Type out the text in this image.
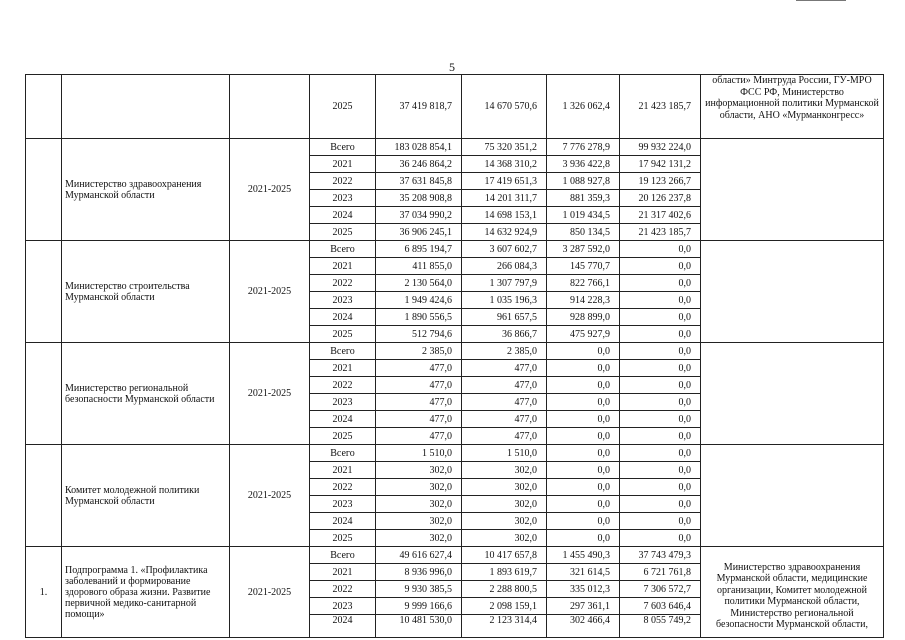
5
			2025	37 419 818,7	14 670 570,6	1 326 062,4	21 423 185,7	области» Минтруда России, ГУ-МРО ФСС РФ, Министерство информационной политики Мурманской области, АНО «Мурманконгресс»
	Министерство здравоохранения Мурманской области	2021-2025	Всего	183 028 854,1	75 320 351,2	7 776 278,9	99 932 224,0	
			2021	36 246 864,2	14 368 310,2	3 936 422,8	17 942 131,2	
			2022	37 631 845,8	17 419 651,3	1 088 927,8	19 123 266,7	
			2023	35 208 908,8	14 201 311,7	881 359,3	20 126 237,8	
			2024	37 034 990,2	14 698 153,1	1 019 434,5	21 317 402,6	
			2025	36 906 245,1	14 632 924,9	850 134,5	21 423 185,7	
	Министерство строительства Мурманской области	2021-2025	Всего	6 895 194,7	3 607 602,7	3 287 592,0	0,0	
			2021	411 855,0	266 084,3	145 770,7	0,0	
			2022	2 130 564,0	1 307 797,9	822 766,1	0,0	
			2023	1 949 424,6	1 035 196,3	914 228,3	0,0	
			2024	1 890 556,5	961 657,5	928 899,0	0,0	
			2025	512 794,6	36 866,7	475 927,9	0,0	
	Министерство региональной безопасности Мурманской области	2021-2025	Всего	2 385,0	2 385,0	0,0	0,0	
			2021	477,0	477,0	0,0	0,0	
			2022	477,0	477,0	0,0	0,0	
			2023	477,0	477,0	0,0	0,0	
			2024	477,0	477,0	0,0	0,0	
			2025	477,0	477,0	0,0	0,0	
	Комитет молодежной политики Мурманской области	2021-2025	Всего	1 510,0	1 510,0	0,0	0,0	
			2021	302,0	302,0	0,0	0,0	
			2022	302,0	302,0	0,0	0,0	
			2023	302,0	302,0	0,0	0,0	
			2024	302,0	302,0	0,0	0,0	
			2025	302,0	302,0	0,0	0,0	
1.	Подпрограмма 1. «Профилактика заболеваний и формирование здорового образа жизни. Развитие первичной медико-санитарной помощи»	2021-2025	Всего	49 616 627,4	10 417 657,8	1 455 490,3	37 743 479,3	Министерство здравоохранения Мурманской области, медицинские организации, Комитет молодежной политики Мурманской области, Министерство региональной безопасности Мурманской области,
			2021	8 936 996,0	1 893 619,7	321 614,5	6 721 761,8	
			2022	9 930 385,5	2 288 800,5	335 012,3	7 306 572,7	
			2023	9 999 166,6	2 098 159,1	297 361,1	7 603 646,4	
			2024	10 481 530,0	2 123 314,4	302 466,4	8 055 749,2	
